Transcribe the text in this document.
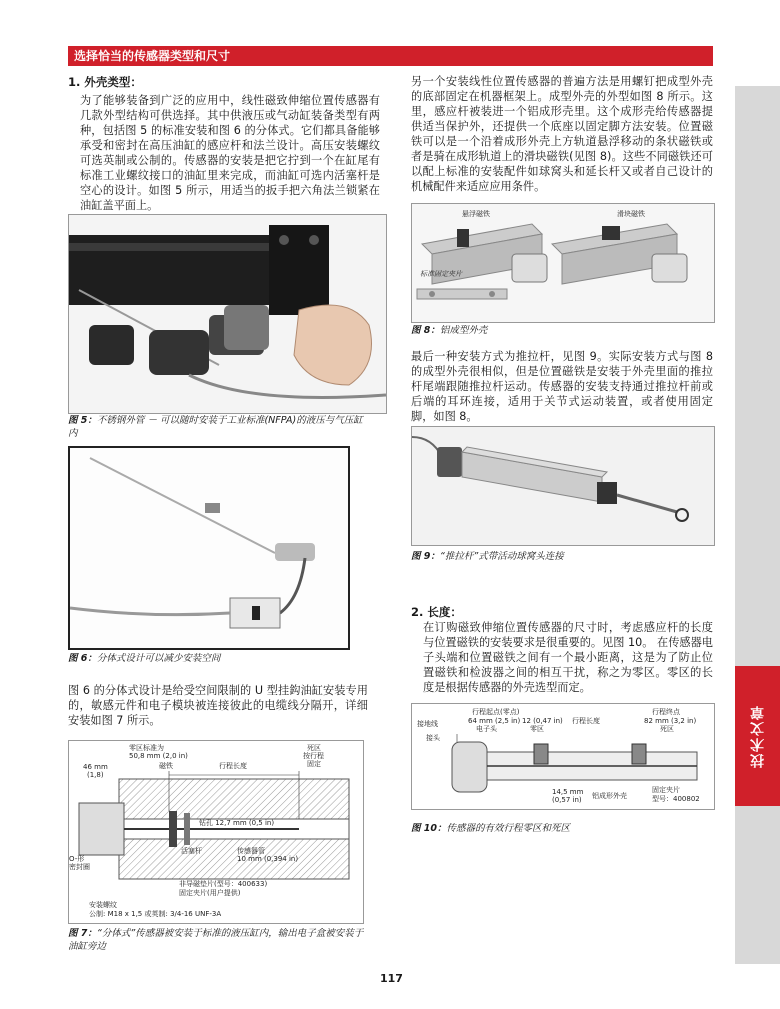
选择恰当的传感器类型和尺寸
技术文章
1. 外壳类型：
为了能够装备到广泛的应用中，线性磁致伸缩位置传感器有几款外型结构可供选择。其中供液压或气动缸装备类型有两种，包括图 5 的标准安装和图 6 的分体式。它们都具备能够承受和密封在高压油缸的感应杆和法兰设计。高压安装螺纹可选英制或公制的。传感器的安装是把它拧到一个在缸尾有标准工业螺纹接口的油缸里来完成，而油缸可选内活塞杆是空心的设计。如图 5 所示，用适当的扳手把六角法兰锁紧在油缸盖平面上。
图 5：不锈钢外管 － 可以随时安装于工业标准(NFPA)的液压与气压缸内
图 6：分体式设计可以减少安装空间
图 6 的分体式设计是给受空间限制的 U 型挂鈎油缸安装专用的，敏感元件和电子模块被连接彼此的电缆线分隔开，详细安装如图 7 所示。
零区标准为
50,8 mm (2,0 in)
46 mm
(1,8)
磁铁	行程长度
死区
按行程
固定
钻孔 12,7 mm (0,5 in)
O-形
密封圈
活塞杆	传感器管
10 mm (0,394 in)
非导磁垫片(型号：400633)
固定夹片(用户提供)
安装螺纹
公制: M18 x 1,5 或英制: 3/4-16 UNF-3A
图 7：“分体式”传感器被安装于标准的液压缸内，输出电子盒被安装于油缸旁边
另一个安装线性位置传感器的普遍方法是用螺钉把成型外壳的底部固定在机器框架上。成型外壳的外型如图 8 所示。这里，感应杆被装进一个铝成形壳里。这个成形壳给传感器提供适当保护外，还提供一个底座以固定脚方法安装。位置磁铁可以是一个沿着成形外壳上方轨道悬浮移动的条状磁铁或者是骑在成形轨道上的滑块磁铁(见图 8)。这些不同磁铁还可以配上标准的安装配件如球窝头和延长杆又或者自己设计的机械配件来适应应用条件。
悬浮磁铁	滑块磁铁
标准固定夹片
图 8：铝成型外壳
最后一种安装方式为推拉杆，见图 9。实际安装方式与图 8 的成型外壳很相似，但是位置磁铁是安装于外壳里面的推拉杆尾端跟随推拉杆运动。传感器的安装支持通过推拉杆前或后端的耳环连接，适用于关节式运动装置，或者使用固定脚，如图 8。
图 9：“推拉杆”式带活动球窝头连接
2. 长度：
在订购磁致伸缩位置传感器的尺寸时，考虑感应杆的长度与位置磁铁的安装要求是很重要的。见图 10。 在传感器电子头端和位置磁铁之间有一个最小距离，这是为了防止位置磁铁和检波器之间的相互干扰，称之为零区。零区的长度是根据传感器的外壳选型而定。
接地线
接头
行程起点(零点)
64 mm (2,5 in)
电子头
12 (0,47 in)
零区
行程长度
行程终点
82 mm (3,2 in)
死区
14,5 mm
(0,57 in) 铝成形外壳
固定夹片
型号：400802
图 10：传感器的有效行程零区和死区
117
